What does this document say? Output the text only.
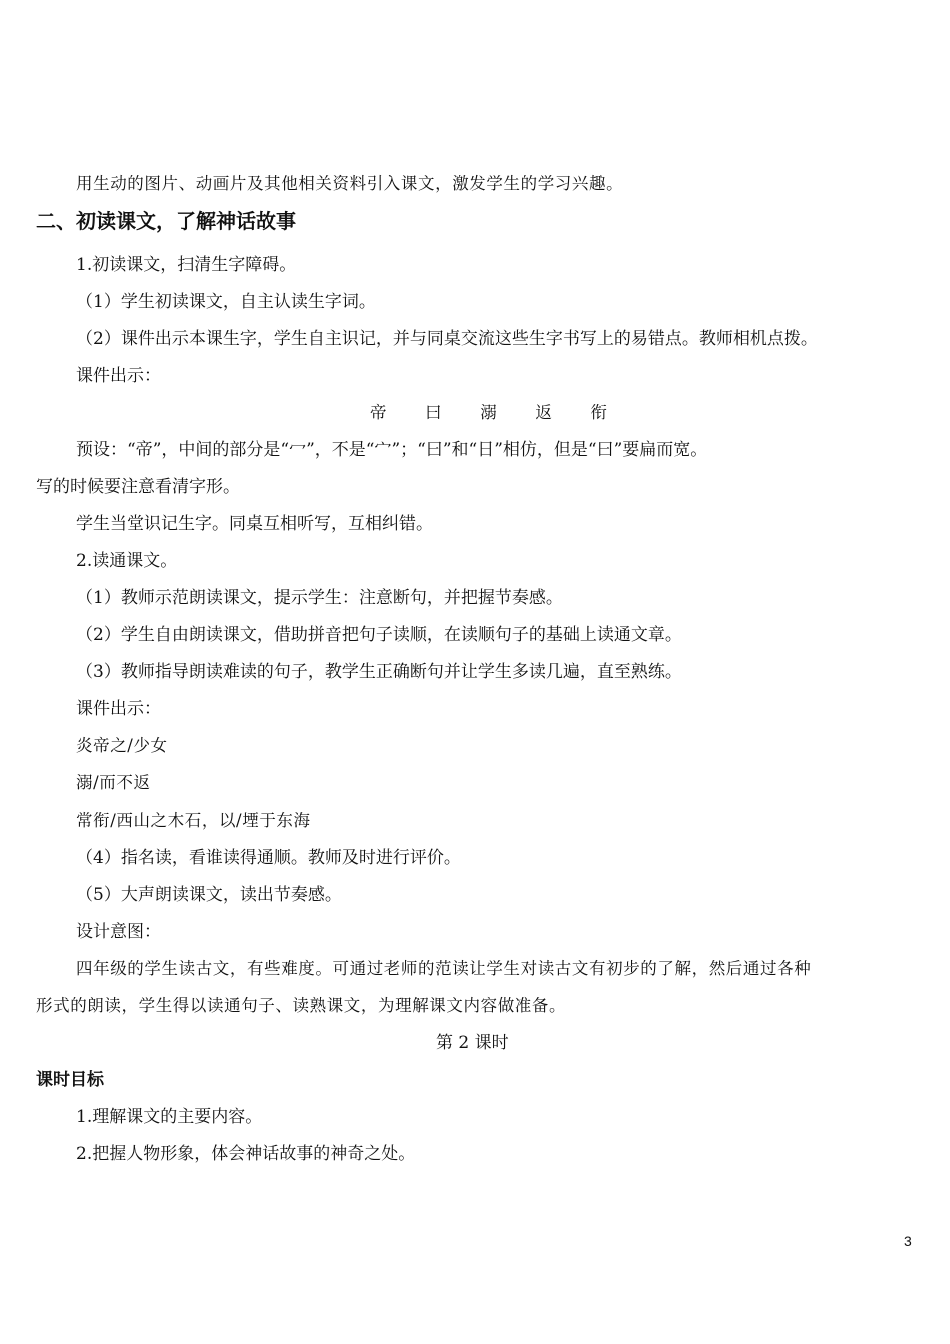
用生动的图片、动画片及其他相关资料引入课文，激发学生的学习兴趣。
二、初读课文，了解神话故事
1.初读课文，扫清生字障碍。
（1）学生初读课文，自主认读生字词。
（2）课件出示本课生字，学生自主识记，并与同桌交流这些生字书写上的易错点。教师相机点拨。
课件出示：
帝 曰 溺 返 衔
预设：“帝”，中间的部分是“冖”，不是“宀”；“曰”和“日”相仿，但是“曰”要扁而宽。
写的时候要注意看清字形。
学生当堂识记生字。同桌互相听写，互相纠错。
2.读通课文。
（1）教师示范朗读课文，提示学生：注意断句，并把握节奏感。
（2）学生自由朗读课文，借助拼音把句子读顺，在读顺句子的基础上读通文章。
（3）教师指导朗读难读的句子，教学生正确断句并让学生多读几遍，直至熟练。
课件出示：
炎帝之/少女
溺/而不返
常衔/西山之木石，以/堙于东海
（4）指名读，看谁读得通顺。教师及时进行评价。
（5）大声朗读课文，读出节奏感。
设计意图：
四年级的学生读古文，有些难度。可通过老师的范读让学生对读古文有初步的了解，然后通过各种
形式的朗读，学生得以读通句子、读熟课文，为理解课文内容做准备。
第 2 课时
课时目标
1.理解课文的主要内容。
2.把握人物形象，体会神话故事的神奇之处。
3
